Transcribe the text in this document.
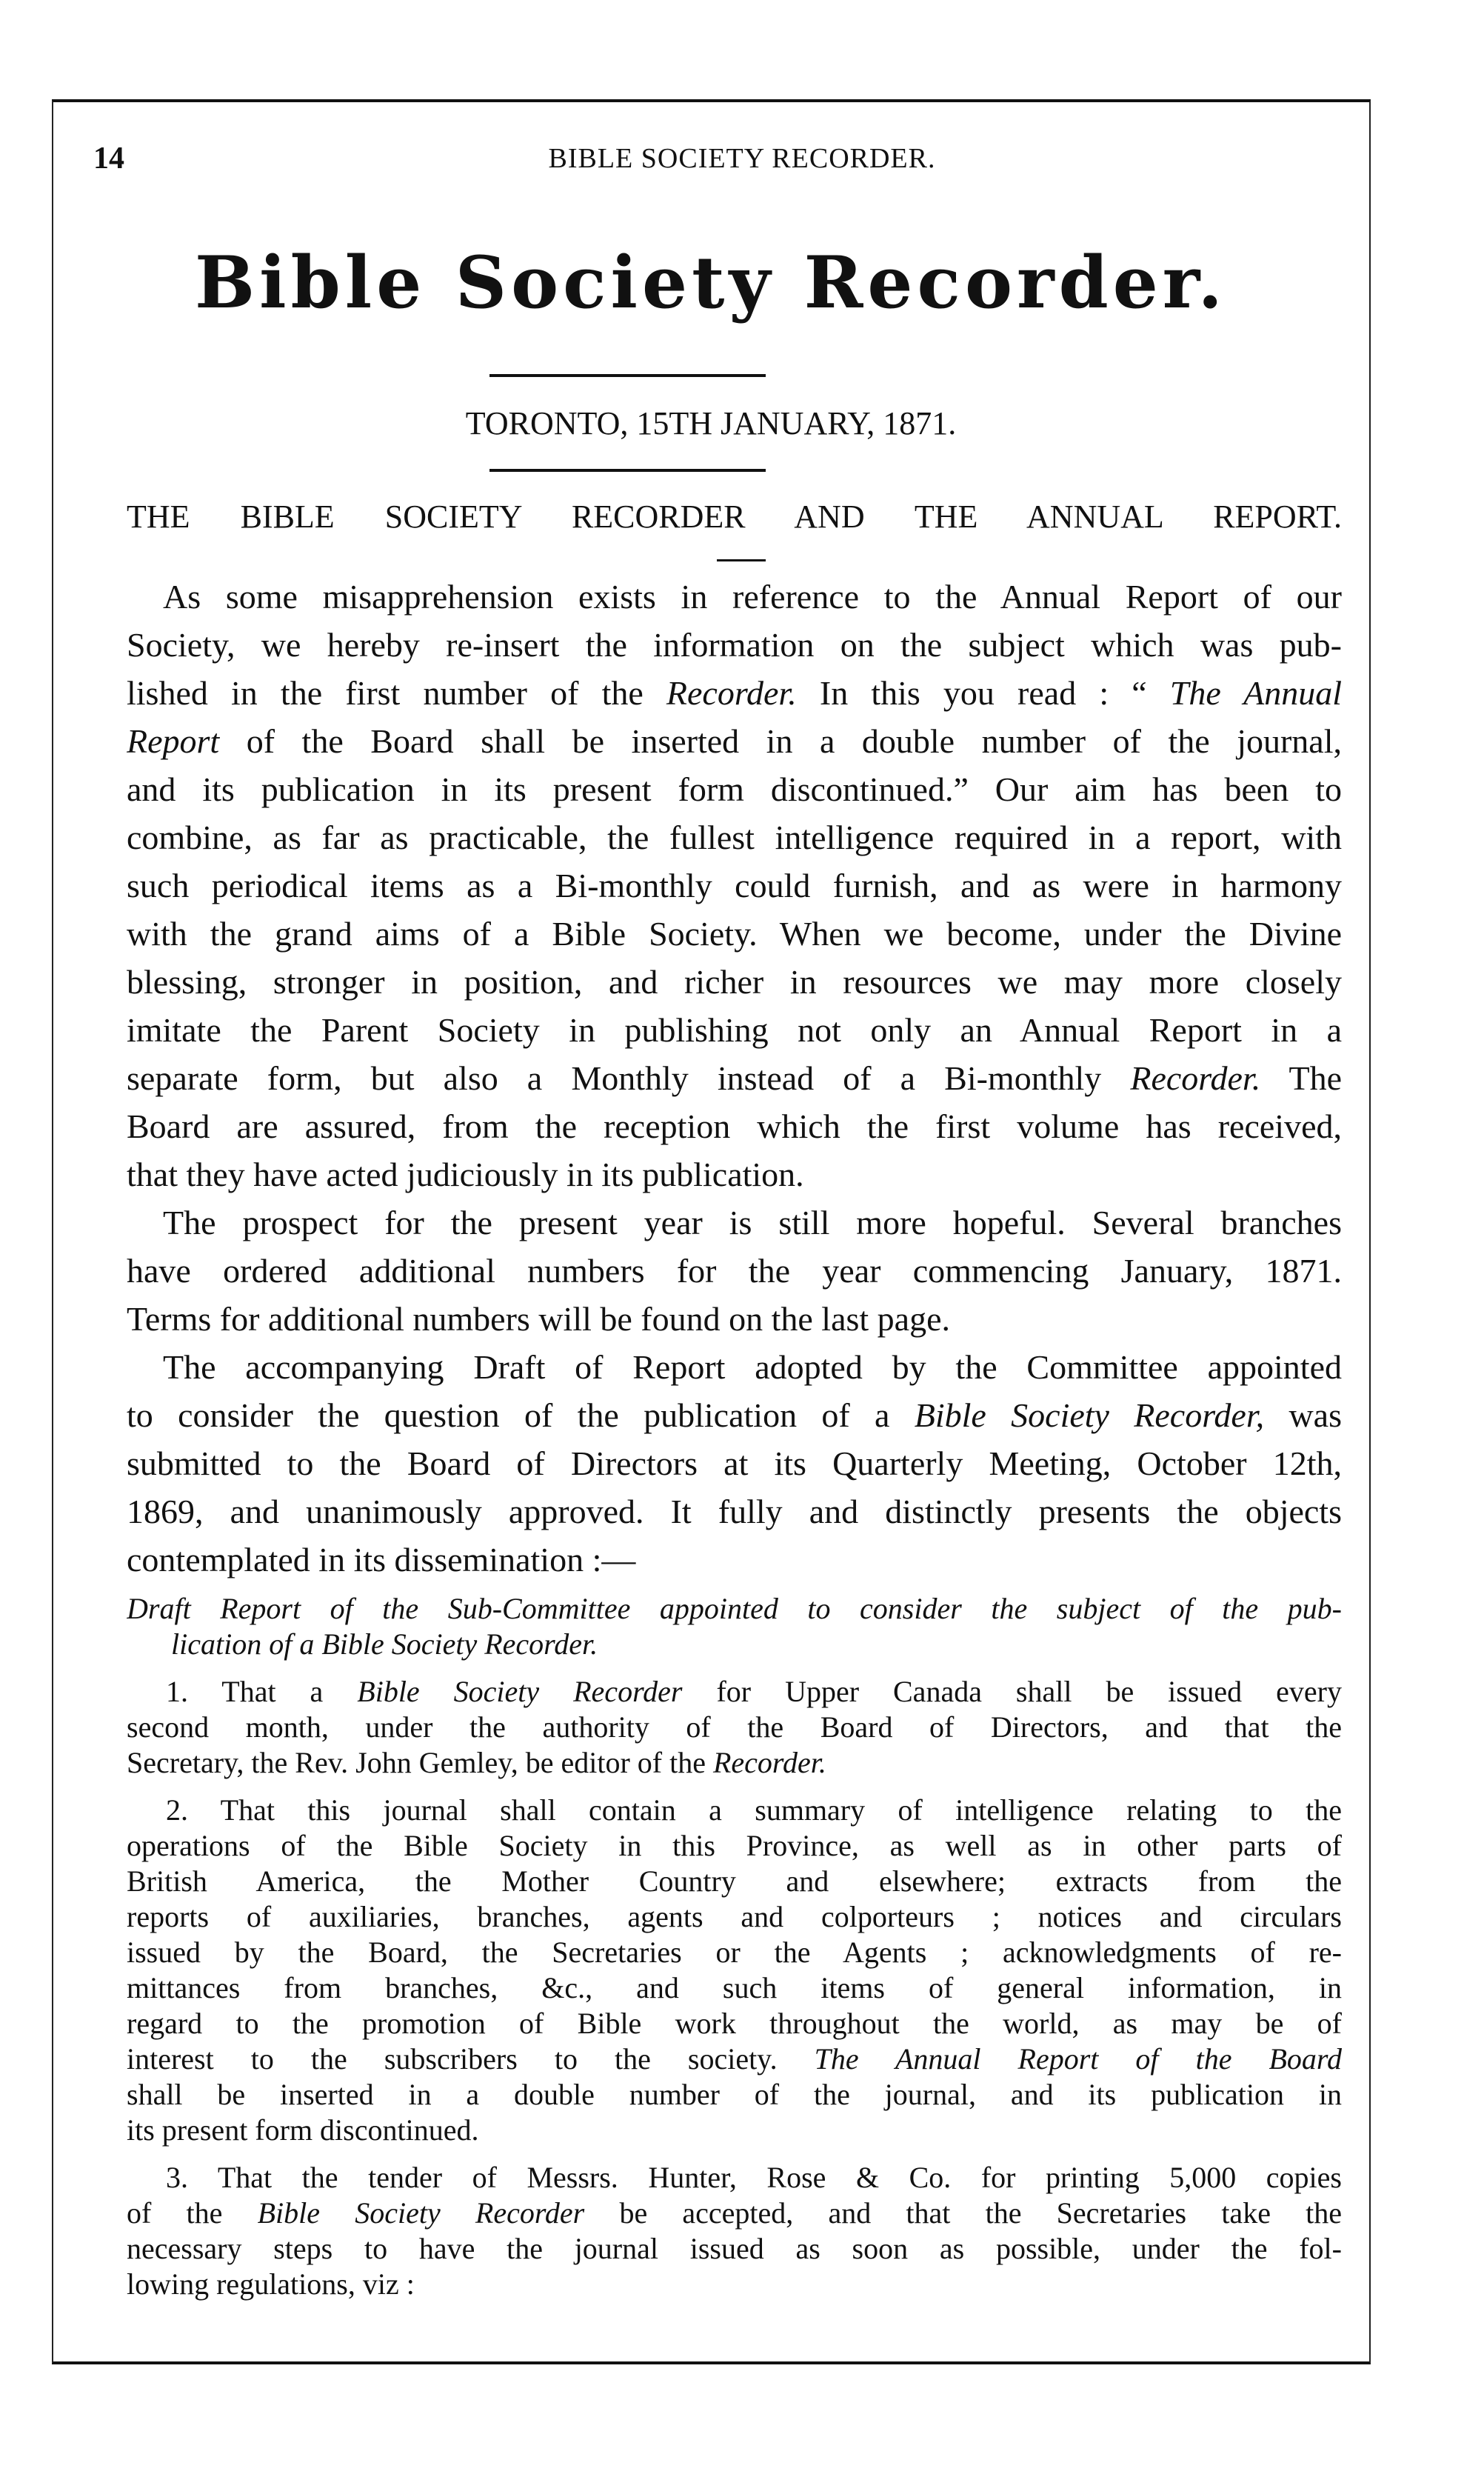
14	BIBLE SOCIETY RECORDER.
Bible Society Recorder.
TORONTO, 15TH JANUARY, 1871.
THE BIBLE SOCIETY RECORDER AND THE ANNUAL REPORT.
As some misapprehension exists in reference to the Annual Report of our
Society, we hereby re-insert the information on the subject which was pub-
lished in the first number of the Recorder. In this you read : “ The Annual
Report of the Board shall be inserted in a double number of the journal,
and its publication in its present form discontinued.” Our aim has been to
combine, as far as practicable, the fullest intelligence required in a report, with
such periodical items as a Bi-monthly could furnish, and as were in harmony
with the grand aims of a Bible Society. When we become, under the Divine
blessing, stronger in position, and richer in resources we may more closely
imitate the Parent Society in publishing not only an Annual Report in a
separate form, but also a Monthly instead of a Bi-monthly Recorder. The
Board are assured, from the reception which the first volume has received,
that they have acted judiciously in its publication.
The prospect for the present year is still more hopeful. Several branches
have ordered additional numbers for the year commencing January, 1871.
Terms for additional numbers will be found on the last page.
The accompanying Draft of Report adopted by the Committee appointed
to consider the question of the publication of a Bible Society Recorder, was
submitted to the Board of Directors at its Quarterly Meeting, October 12th,
1869, and unanimously approved. It fully and distinctly presents the objects
contemplated in its dissemination :—
Draft Report of the Sub-Committee appointed to consider the subject of the pub-
lication of a Bible Society Recorder.
1. That a Bible Society Recorder for Upper Canada shall be issued every
second month, under the authority of the Board of Directors, and that the
Secretary, the Rev. John Gemley, be editor of the Recorder.
2. That this journal shall contain a summary of intelligence relating to the
operations of the Bible Society in this Province, as well as in other parts of
British America, the Mother Country and elsewhere; extracts from the
reports of auxiliaries, branches, agents and colporteurs ; notices and circulars
issued by the Board, the Secretaries or the Agents ; acknowledgments of re-
mittances from branches, &c., and such items of general information, in
regard to the promotion of Bible work throughout the world, as may be of
interest to the subscribers to the society. The Annual Report of the Board
shall be inserted in a double number of the journal, and its publication in
its present form discontinued.
3. That the tender of Messrs. Hunter, Rose & Co. for printing 5,000 copies
of the Bible Society Recorder be accepted, and that the Secretaries take the
necessary steps to have the journal issued as soon as possible, under the fol-
lowing regulations, viz :
